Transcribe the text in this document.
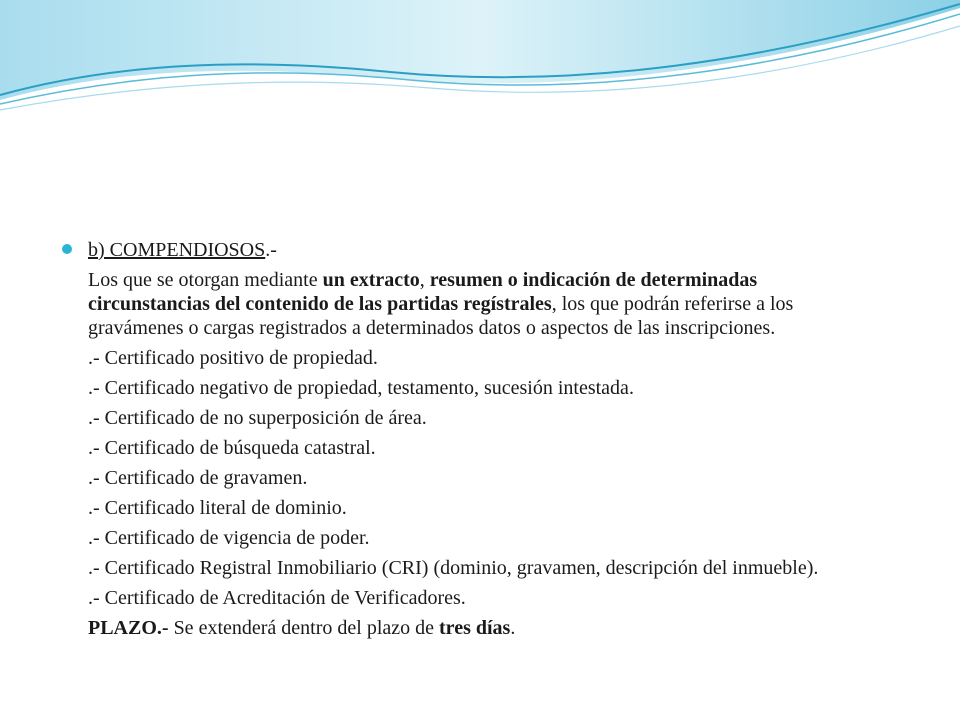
b) COMPENDIOSOS.-

Los que se otorgan mediante un extracto, resumen o indicación de determinadas circunstancias del contenido de las partidas regístrales, los que podrán referirse a los gravámenes o cargas registrados a determinados datos o aspectos de las inscripciones.

.- Certificado positivo de propiedad.
.- Certificado negativo de propiedad, testamento, sucesión intestada.
.- Certificado de no superposición de área.
.- Certificado de búsqueda catastral.
.- Certificado de gravamen.
.- Certificado literal de dominio.
.- Certificado de vigencia de poder.
.- Certificado Registral Inmobiliario (CRI) (dominio, gravamen, descripción del inmueble).
.- Certificado de Acreditación de Verificadores.

PLAZO.- Se extenderá dentro del plazo de tres días.
